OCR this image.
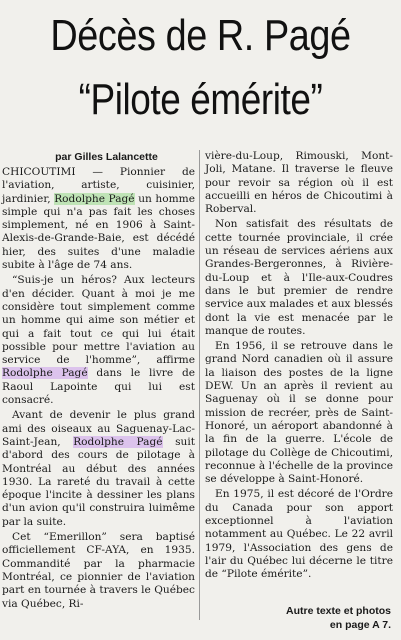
Décès de R. Pagé
“Pilote émérite”
par Gilles Lalancette

CHICOUTIMI — Pionnier de l'aviation, artiste, cuisinier, jardinier, Rodolphe Pagé un homme simple qui n'a pas fait les choses simplement, né en 1906 à Saint-Alexis-de-Grande-Baie, est décédé hier, des suites d'une maladie subite à l'âge de 74 ans.

“Suis-je un héros? Aux lecteurs d'en décider. Quant à moi je me considère tout simplement comme un homme qui aime son métier et qui a fait tout ce qui lui était possible pour mettre l'aviation au service de l'homme”, affirme Rodolphe Pagé dans le livre de Raoul Lapointe qui lui est consacré.

Avant de devenir le plus grand ami des oiseaux au Saguenay-Lac-Saint-Jean, Rodolphe Pagé suit d'abord des cours de pilotage à Montréal au début des années 1930. La rareté du travail à cette époque l'incite à dessiner les plans d'un avion qu'il construira luimême par la suite.

Cet “Emerillon” sera baptisé officiellement CF-AYA, en 1935. Commandité par la pharmacie Montréal, ce pionnier de l'aviation part en tournée à travers le Québec via Québec, Ri-

vière-du-Loup, Rimouski, Mont-Joli, Matane. Il traverse le fleuve pour revoir sa région où il est accueilli en héros de Chicoutimi à Roberval.

Non satisfait des résultats de cette tournée provinciale, il crée un réseau de services aériens aux Grandes-Bergeronnes, à Rivière-du-Loup et à l'Ile-aux-Coudres dans le but premier de rendre service aux malades et aux blessés dont la vie est menacée par le manque de routes.

En 1956, il se retrouve dans le grand Nord canadien où il assure la liaison des postes de la ligne DEW. Un an après il revient au Saguenay où il se donne pour mission de recréer, près de Saint-Honoré, un aéroport abandonné à la fin de la guerre. L'école de pilotage du Collège de Chicoutimi, reconnue à l'échelle de la province se développe à Saint-Honoré.

En 1975, il est décoré de l'Ordre du Canada pour son apport exceptionnel à l'aviation notamment au Québec. Le 22 avril 1979, l'Association des gens de l'air du Québec lui décerne le titre de “Pilote émérite”.

Autre texte et photos
en page A 7.
